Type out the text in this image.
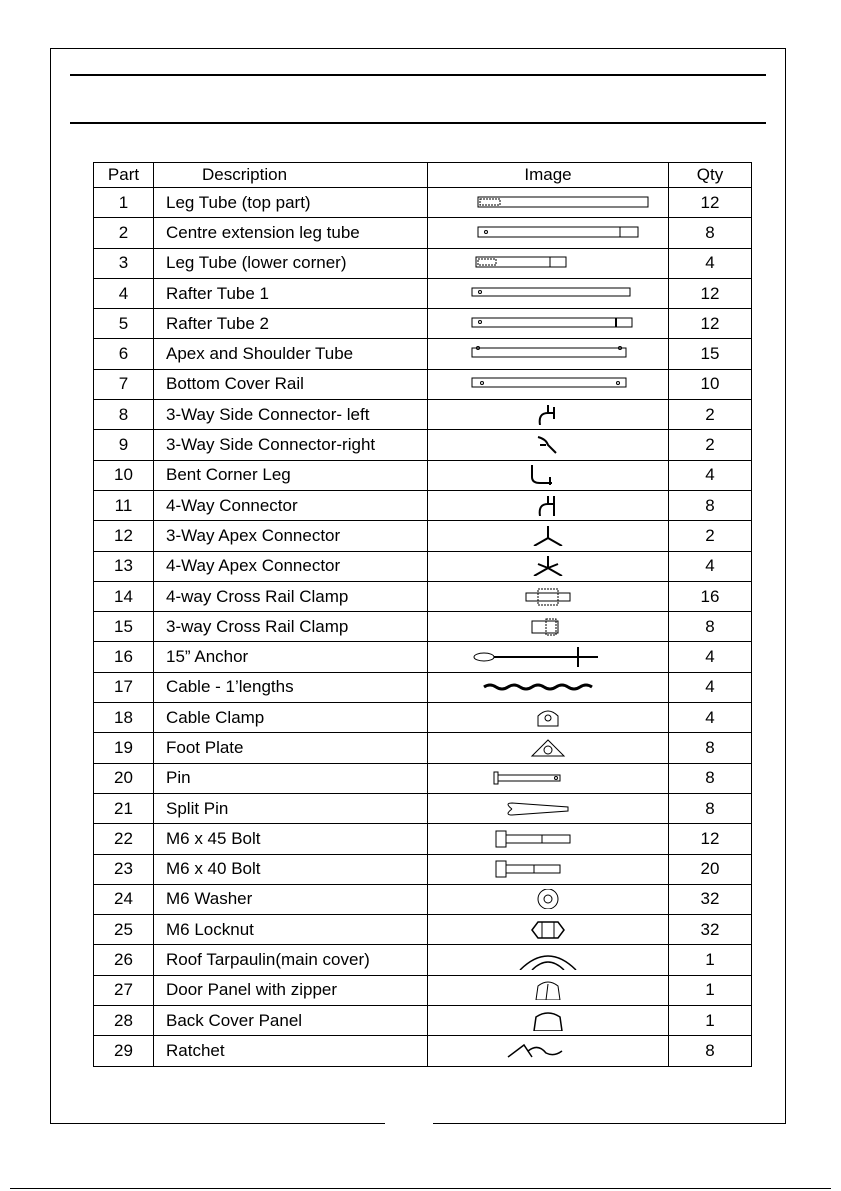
Part	Description	Image	Qty
1	Leg Tube (top part)		12
2	Centre extension leg tube		8
3	Leg Tube (lower corner)		4
4	Rafter Tube 1		12
5	Rafter Tube 2		12
6	Apex and Shoulder Tube		15
7	Bottom Cover Rail		10
8	3-Way Side Connector- left		2
9	3-Way Side Connector-right		2
10	Bent Corner Leg		4
11	4-Way Connector		8
12	3-Way Apex Connector		2
13	4-Way Apex Connector		4
14	4-way Cross Rail Clamp		16
15	3-way Cross Rail Clamp		8
16	15” Anchor		4
17	Cable - 1’lengths		4
18	Cable Clamp		4
19	Foot Plate		8
20	Pin		8
21	Split Pin		8
22	M6 x 45 Bolt		12
23	M6 x 40 Bolt		20
24	M6 Washer		32
25	M6 Locknut		32
26	Roof Tarpaulin(main cover)		1
27	Door Panel with zipper		1
28	Back Cover Panel		1
29	Ratchet		8
